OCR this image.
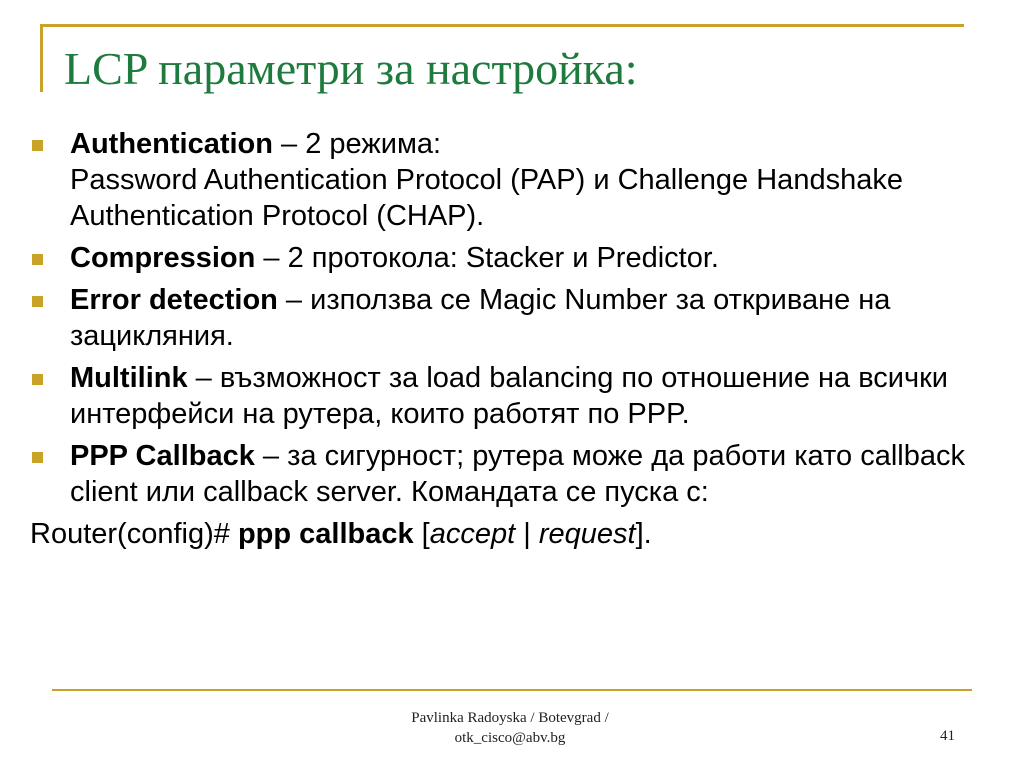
LCP параметри за настройка:
Authentication – 2 режима:
Password Authentication Protocol (PAP) и Challenge Handshake Authentication Protocol (CHAP).
Compression – 2 протокола: Stacker и Predictor.
Error detection – използва се Magic Number за откриване на зацикляния.
Multilink – възможност за load balancing по отношение на всички интерфейси на рутера, които работят по PPP.
PPP Callback – за сигурност; рутера може да работи като callback client или callback server. Командата се пуска с:
Router(config)# ppp callback [accept | request].
Pavlinka Radoyska / Botevgrad /
otk_cisco@abv.bg	41
